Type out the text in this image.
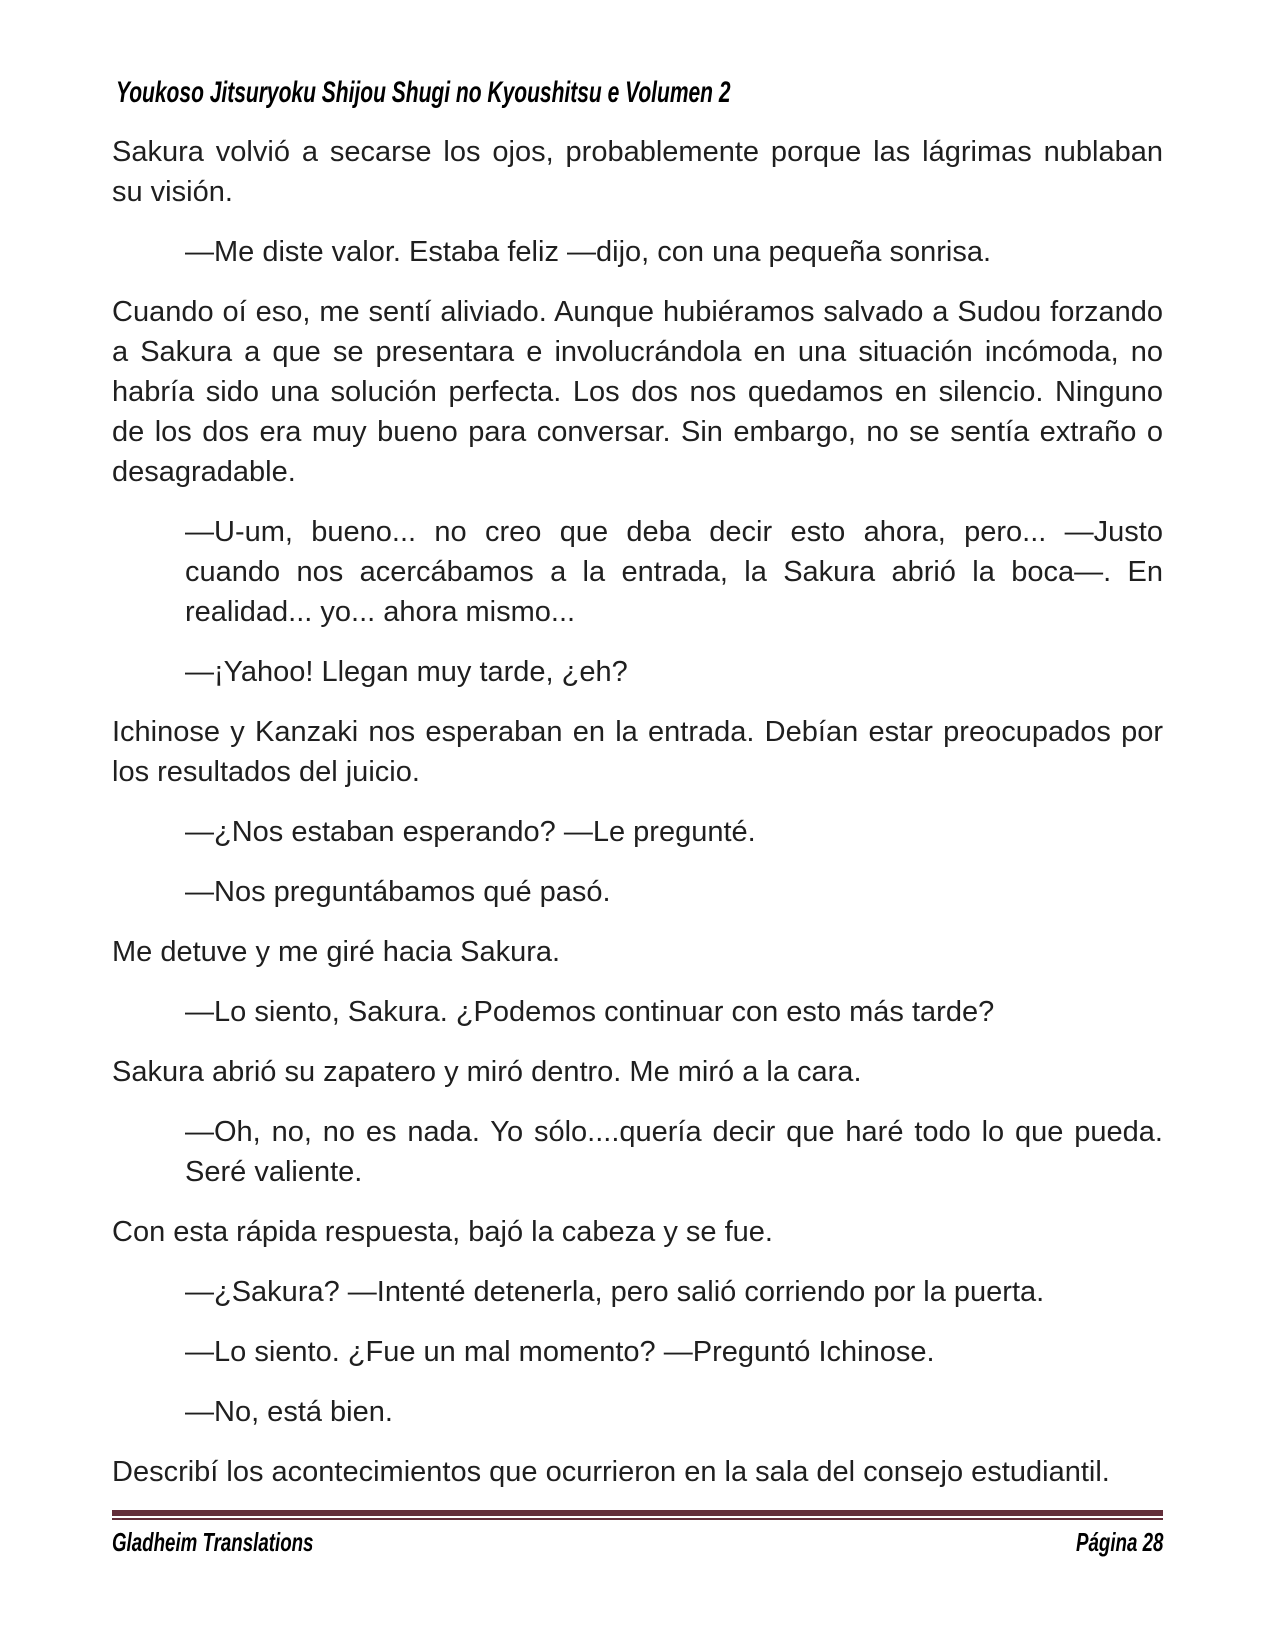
Youkoso Jitsuryoku Shijou Shugi no Kyoushitsu e Volumen 2

Sakura volvió a secarse los ojos, probablemente porque las lágrimas nublaban su visión.

—Me diste valor. Estaba feliz —dijo, con una pequeña sonrisa.

Cuando oí eso, me sentí aliviado. Aunque hubiéramos salvado a Sudou forzando a Sakura a que se presentara e involucrándola en una situación incómoda, no habría sido una solución perfecta. Los dos nos quedamos en silencio. Ninguno de los dos era muy bueno para conversar. Sin embargo, no se sentía extraño o desagradable.

—U-um, bueno... no creo que deba decir esto ahora, pero... —Justo cuando nos acercábamos a la entrada, la Sakura abrió la boca—. En realidad... yo... ahora mismo...

—¡Yahoo! Llegan muy tarde, ¿eh?

Ichinose y Kanzaki nos esperaban en la entrada. Debían estar preocupados por los resultados del juicio.

—¿Nos estaban esperando? —Le pregunté.

—Nos preguntábamos qué pasó.

Me detuve y me giré hacia Sakura.

—Lo siento, Sakura. ¿Podemos continuar con esto más tarde?

Sakura abrió su zapatero y miró dentro. Me miró a la cara.

—Oh, no, no es nada. Yo sólo....quería decir que haré todo lo que pueda. Seré valiente.

Con esta rápida respuesta, bajó la cabeza y se fue.

—¿Sakura? —Intenté detenerla, pero salió corriendo por la puerta.

—Lo siento. ¿Fue un mal momento? —Preguntó Ichinose.

—No, está bien.

Describí los acontecimientos que ocurrieron en la sala del consejo estudiantil.

Gladheim Translations	Página 28
